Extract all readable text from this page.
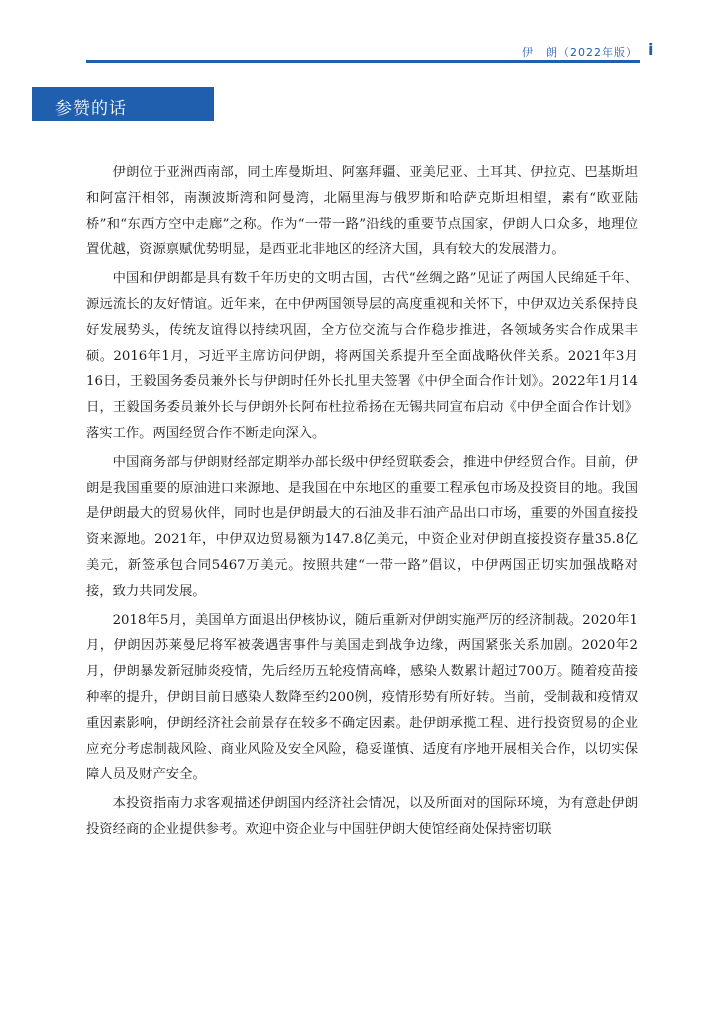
伊　朗（2022年版） i
参赞的话

伊朗位于亚洲西南部，同土库曼斯坦、阿塞拜疆、亚美尼亚、土耳其、伊拉克、巴基斯坦和阿富汗相邻，南濒波斯湾和阿曼湾，北隔里海与俄罗斯和哈萨克斯坦相望，素有“欧亚陆桥”和“东西方空中走廊”之称。作为“一带一路”沿线的重要节点国家，伊朗人口众多，地理位置优越，资源禀赋优势明显，是西亚北非地区的经济大国，具有较大的发展潜力。

中国和伊朗都是具有数千年历史的文明古国，古代“丝绸之路”见证了两国人民绵延千年、源远流长的友好情谊。近年来，在中伊两国领导层的高度重视和关怀下，中伊双边关系保持良好发展势头，传统友谊得以持续巩固，全方位交流与合作稳步推进，各领域务实合作成果丰硕。2016年1月，习近平主席访问伊朗，将两国关系提升至全面战略伙伴关系。2021年3月16日，王毅国务委员兼外长与伊朗时任外长扎里夫签署《中伊全面合作计划》。2022年1月14日，王毅国务委员兼外长与伊朗外长阿布杜拉希扬在无锡共同宣布启动《中伊全面合作计划》落实工作。两国经贸合作不断走向深入。

中国商务部与伊朗财经部定期举办部长级中伊经贸联委会，推进中伊经贸合作。目前，伊朗是我国重要的原油进口来源地、是我国在中东地区的重要工程承包市场及投资目的地。我国是伊朗最大的贸易伙伴，同时也是伊朗最大的石油及非石油产品出口市场，重要的外国直接投资来源地。2021年，中伊双边贸易额为147.8亿美元，中资企业对伊朗直接投资存量35.8亿美元，新签承包合同5467万美元。按照共建“一带一路”倡议，中伊两国正切实加强战略对接，致力共同发展。

2018年5月，美国单方面退出伊核协议，随后重新对伊朗实施严厉的经济制裁。2020年1月，伊朗因苏莱曼尼将军被袭遇害事件与美国走到战争边缘，两国紧张关系加剧。2020年2月，伊朗暴发新冠肺炎疫情，先后经历五轮疫情高峰，感染人数累计超过700万。随着疫苗接种率的提升，伊朗目前日感染人数降至约200例，疫情形势有所好转。当前，受制裁和疫情双重因素影响，伊朗经济社会前景存在较多不确定因素。赴伊朗承揽工程、进行投资贸易的企业应充分考虑制裁风险、商业风险及安全风险，稳妥谨慎、适度有序地开展相关合作，以切实保障人员及财产安全。

本投资指南力求客观描述伊朗国内经济社会情况，以及所面对的国际环境，为有意赴伊朗投资经商的企业提供参考。欢迎中资企业与中国驻伊朗大使馆经商处保持密切联
